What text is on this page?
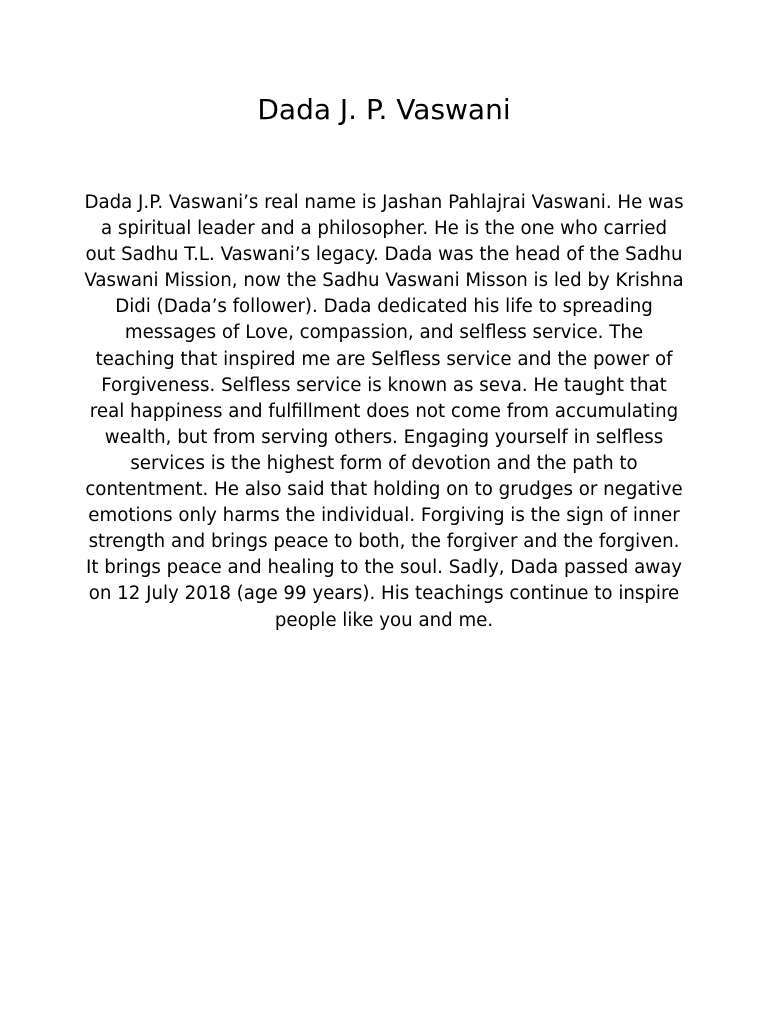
Dada J. P. Vaswani

Dada J.P. Vaswani’s real name is Jashan Pahlajrai Vaswani. He was a spiritual leader and a philosopher. He is the one who carried out Sadhu T.L. Vaswani’s legacy. Dada was the head of the Sadhu Vaswani Mission, now the Sadhu Vaswani Misson is led by Krishna Didi (Dada’s follower). Dada dedicated his life to spreading messages of Love, compassion, and selfless service. The teaching that inspired me are Selfless service and the power of Forgiveness. Selfless service is known as seva. He taught that real happiness and fulfillment does not come from accumulating wealth, but from serving others. Engaging yourself in selfless services is the highest form of devotion and the path to contentment. He also said that holding on to grudges or negative emotions only harms the individual. Forgiving is the sign of inner strength and brings peace to both, the forgiver and the forgiven. It brings peace and healing to the soul. Sadly, Dada passed away on 12 July 2018 (age 99 years). His teachings continue to inspire people like you and me.
